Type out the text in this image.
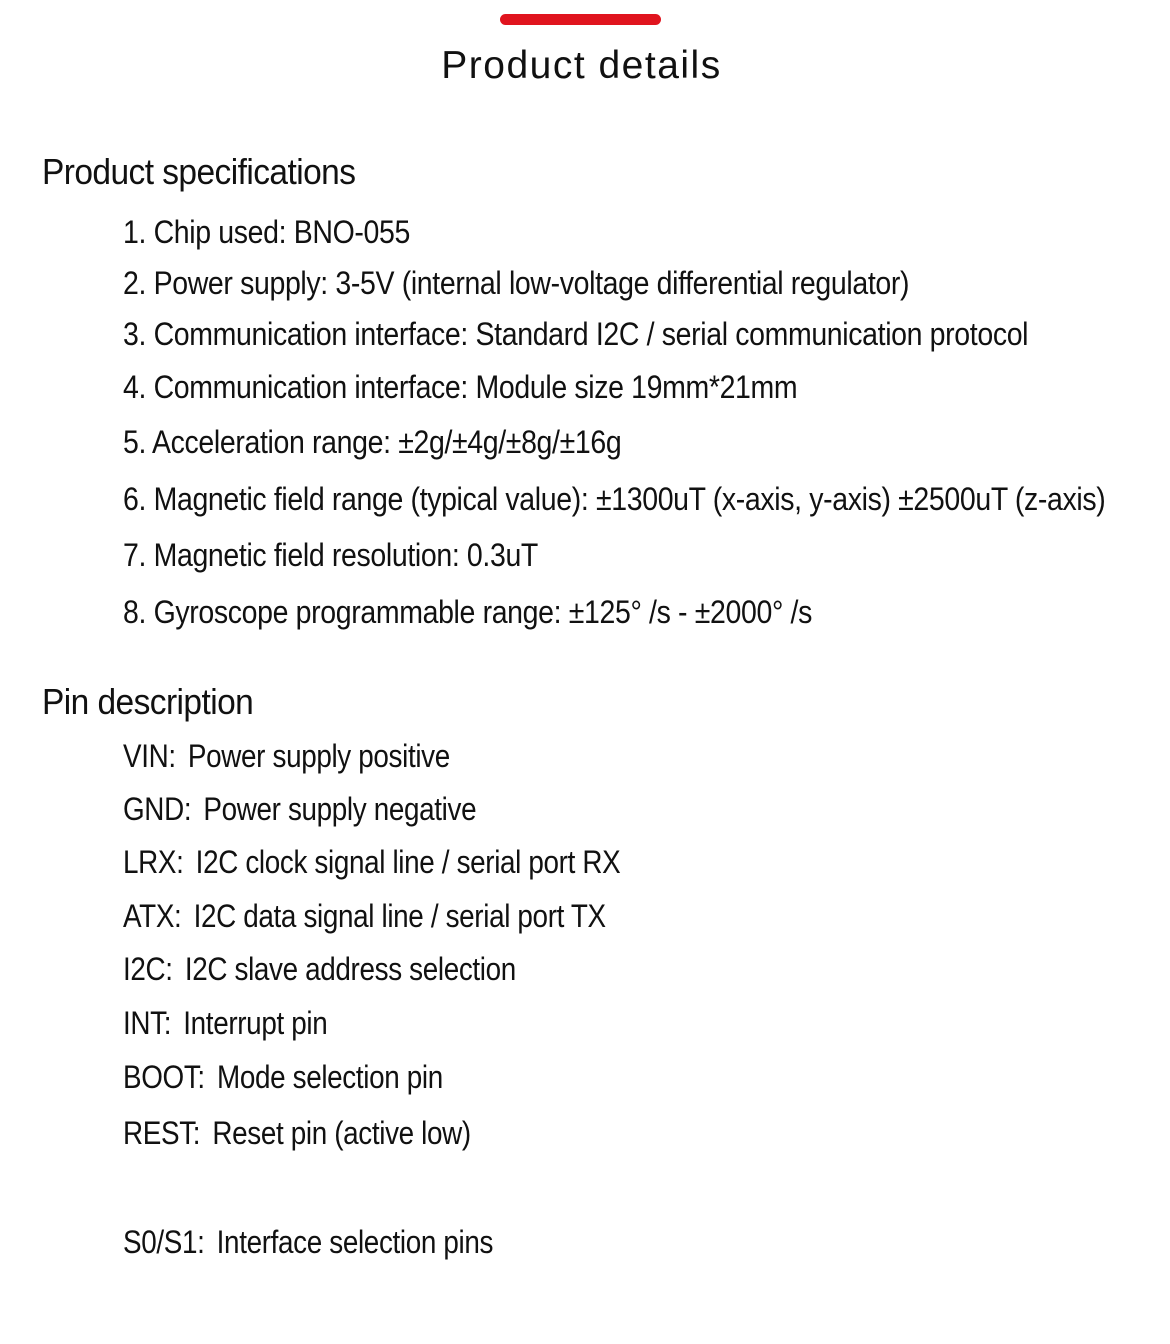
Product details
Product specifications
1. Chip used: BNO-055
2. Power supply: 3-5V (internal low-voltage differential regulator)
3. Communication interface: Standard I2C / serial communication protocol
4. Communication interface: Module size 19mm*21mm
5. Acceleration range: ±2g/±4g/±8g/±16g
6. Magnetic field range (typical value): ±1300uT (x-axis, y-axis) ±2500uT (z-axis)
7. Magnetic field resolution: 0.3uT
8. Gyroscope programmable range: ±125° /s - ±2000° /s
Pin description
VIN: Power supply positive
GND: Power supply negative
LRX: I2C clock signal line / serial port RX
ATX: I2C data signal line / serial port TX
I2C: I2C slave address selection
INT: Interrupt pin
BOOT: Mode selection pin
REST: Reset pin (active low)
S0/S1: Interface selection pins
